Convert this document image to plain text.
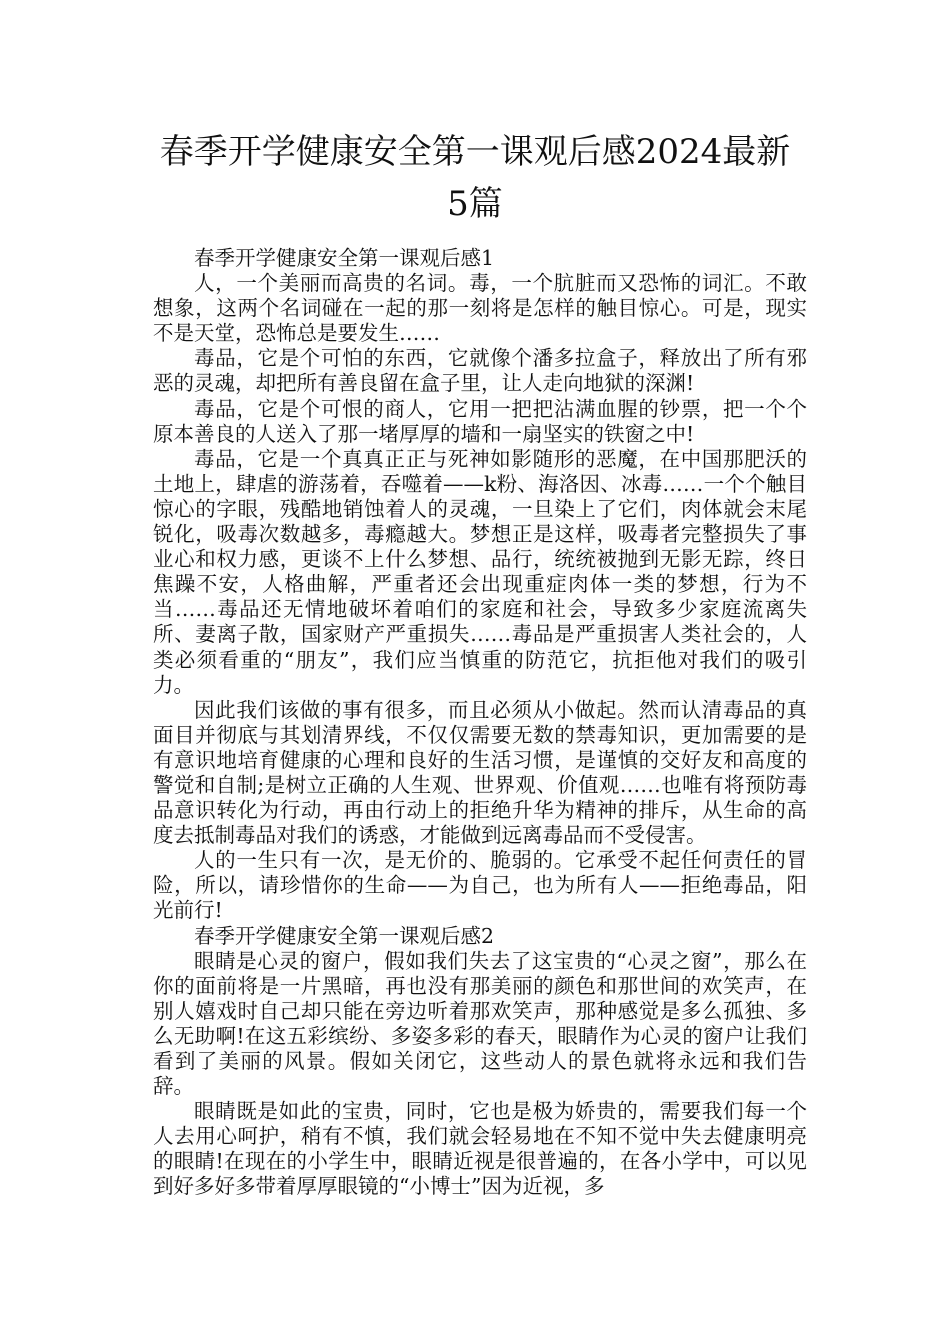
春季开学健康安全第一课观后感2024最新
5篇

春季开学健康安全第一课观后感1

人，一个美丽而高贵的名词。毒，一个肮脏而又恐怖的词汇。不敢想象，这两个名词碰在一起的那一刻将是怎样的触目惊心。可是，现实不是天堂，恐怖总是要发生……

毒品，它是个可怕的东西，它就像个潘多拉盒子，释放出了所有邪恶的灵魂，却把所有善良留在盒子里，让人走向地狱的深渊!

毒品，它是个可恨的商人，它用一把把沾满血腥的钞票，把一个个原本善良的人送入了那一堵厚厚的墙和一扇坚实的铁窗之中!

毒品，它是一个真真正正与死神如影随形的恶魔，在中国那肥沃的土地上，肆虐的游荡着，吞噬着——k粉、海洛因、冰毒……一个个触目惊心的字眼，残酷地销蚀着人的灵魂，一旦染上了它们，肉体就会末尾锐化，吸毒次数越多，毒瘾越大。梦想正是这样，吸毒者完整损失了事业心和权力感，更谈不上什么梦想、品行，统统被抛到无影无踪，终日焦躁不安，人格曲解，严重者还会出现重症肉体一类的梦想，行为不当……毒品还无情地破坏着咱们的家庭和社会，导致多少家庭流离失所、妻离子散，国家财产严重损失……毒品是严重损害人类社会的，人类必须看重的“朋友”，我们应当慎重的防范它，抗拒他对我们的吸引力。

因此我们该做的事有很多，而且必须从小做起。然而认清毒品的真面目并彻底与其划清界线，不仅仅需要无数的禁毒知识，更加需要的是有意识地培育健康的心理和良好的生活习惯，是谨慎的交好友和高度的警觉和自制;是树立正确的人生观、世界观、价值观……也唯有将预防毒品意识转化为行动，再由行动上的拒绝升华为精神的排斥，从生命的高度去抵制毒品对我们的诱惑，才能做到远离毒品而不受侵害。

人的一生只有一次，是无价的、脆弱的。它承受不起任何责任的冒险，所以，请珍惜你的生命——为自己，也为所有人——拒绝毒品，阳光前行!

春季开学健康安全第一课观后感2

眼睛是心灵的窗户，假如我们失去了这宝贵的“心灵之窗”，那么在你的面前将是一片黑暗，再也没有那美丽的颜色和那世间的欢笑声，在别人嬉戏时自己却只能在旁边听着那欢笑声，那种感觉是多么孤独、多么无助啊!在这五彩缤纷、多姿多彩的春天，眼睛作为心灵的窗户让我们看到了美丽的风景。假如关闭它，这些动人的景色就将永远和我们告辞。

眼睛既是如此的宝贵，同时，它也是极为娇贵的，需要我们每一个人去用心呵护，稍有不慎，我们就会轻易地在不知不觉中失去健康明亮的眼睛!在现在的小学生中，眼睛近视是很普遍的，在各小学中，可以见到好多好多带着厚厚眼镜的“小博士”因为近视，多
